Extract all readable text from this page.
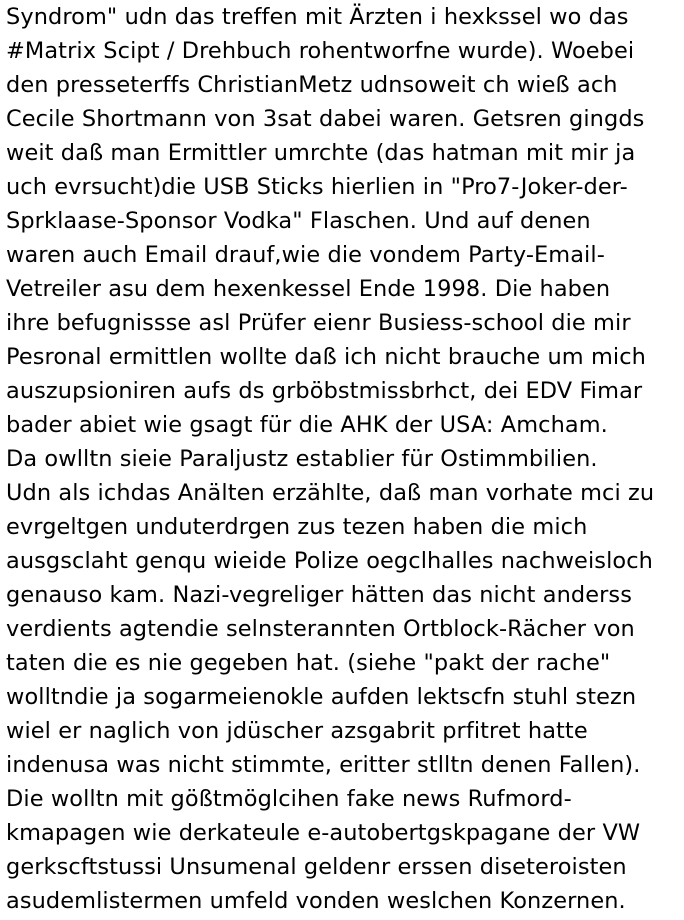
Syndrom" udn das treffen mit Ärzten i hexkssel wo das
#Matrix Scipt / Drehbuch rohentworfne wurde). Woebei
den presseterffs ChristianMetz udnsoweit ch wieß ach
Cecile Shortmann von 3sat dabei waren. Getsren gingds
weit daß man Ermittler umrchte (das hatman mit mir ja
uch evrsucht)die USB Sticks hierlien in "Pro7-Joker-der-
Sprklaase-Sponsor Vodka" Flaschen. Und auf denen
waren auch Email drauf,wie die vondem Party-Email-
Vetreiler asu dem hexenkessel Ende 1998. Die haben
ihre befugnissse asl Prüfer eienr Busiess-school die mir
Pesronal ermittlen wollte daß ich nicht brauche um mich
auszupsioniren aufs ds grböbstmissbrhct, dei EDV Fimar
bader abiet wie gsagt für die AHK der USA: Amcham.
Da owlltn sieie Paraljustz establier für Ostimmbilien.
Udn als ichdas Anälten erzählte, daß man vorhate mci zu
evrgeltgen unduterdrgen zus tezen haben die mich
ausgsclaht genqu wieide Polize oegclhalles nachweisloch
genauso kam. Nazi-vegreliger hätten das nicht anderss
verdients agtendie selnsterannten Ortblock-Rächer von
taten die es nie gegeben hat. (siehe "pakt der rache"
wolltndie ja sogarmeienokle aufden lektscfn stuhl stezn
wiel er naglich von jdüscher azsgabrit prfitret hatte
indenusa was nicht stimmte, eritter stlltn denen Fallen).
Die wolltn mit gößtmöglcihen fake news Rufmord-
kmapagen wie derkateule e-autobertgskpagane der VW
gerkscftstussi Unsumenal geldenr erssen diseteroisten
asudemlistermen umfeld vonden weslchen Konzernen.
